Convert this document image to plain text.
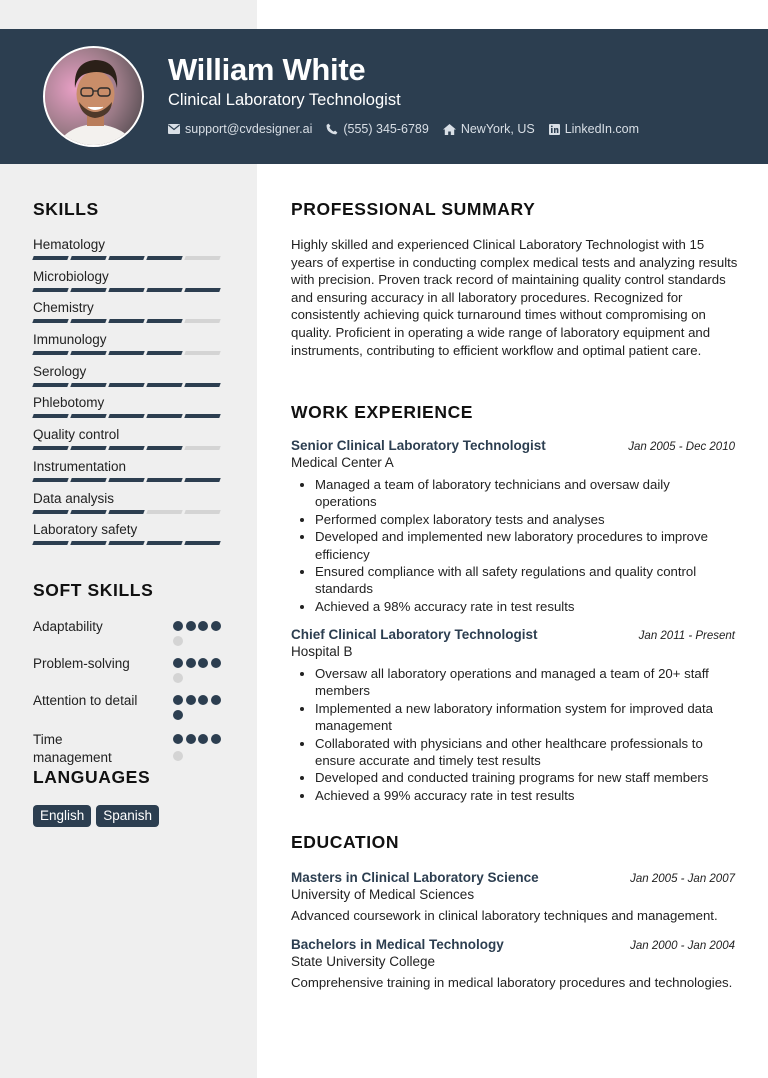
William White
Clinical Laboratory Technologist
support@cvdesigner.ai (555) 345-6789	NewYork, US LinkedIn.com
SKILLS
Hematology
Microbiology
Chemistry
Immunology
Serology
Phlebotomy
Quality control
Instrumentation
Data analysis
Laboratory safety
SOFT SKILLS
Adaptability
Problem-solving
Attention to detail
Time management
LANGUAGES
English	Spanish
PROFESSIONAL SUMMARY
Highly skilled and experienced Clinical Laboratory Technologist with 15 years of expertise in conducting complex medical tests and analyzing results with precision. Proven track record of maintaining quality control standards and ensuring accuracy in all laboratory procedures. Recognized for consistently achieving quick turnaround times without compromising on quality. Proficient in operating a wide range of laboratory equipment and instruments, contributing to efficient workflow and optimal patient care.
WORK EXPERIENCE
Senior Clinical Laboratory Technologist	Jan 2005 - Dec 2010
Medical Center A
• Managed a team of laboratory technicians and oversaw daily operations
• Performed complex laboratory tests and analyses
• Developed and implemented new laboratory procedures to improve efficiency
• Ensured compliance with all safety regulations and quality control standards
• Achieved a 98% accuracy rate in test results
Chief Clinical Laboratory Technologist	Jan 2011 - Present
Hospital B
• Oversaw all laboratory operations and managed a team of 20+ staff members
• Implemented a new laboratory information system for improved data management
• Collaborated with physicians and other healthcare professionals to ensure accurate and timely test results
• Developed and conducted training programs for new staff members
• Achieved a 99% accuracy rate in test results
EDUCATION
Masters in Clinical Laboratory Science	Jan 2005 - Jan 2007
University of Medical Sciences
Advanced coursework in clinical laboratory techniques and management.
Bachelors in Medical Technology	Jan 2000 - Jan 2004
State University College
Comprehensive training in medical laboratory procedures and technologies.
